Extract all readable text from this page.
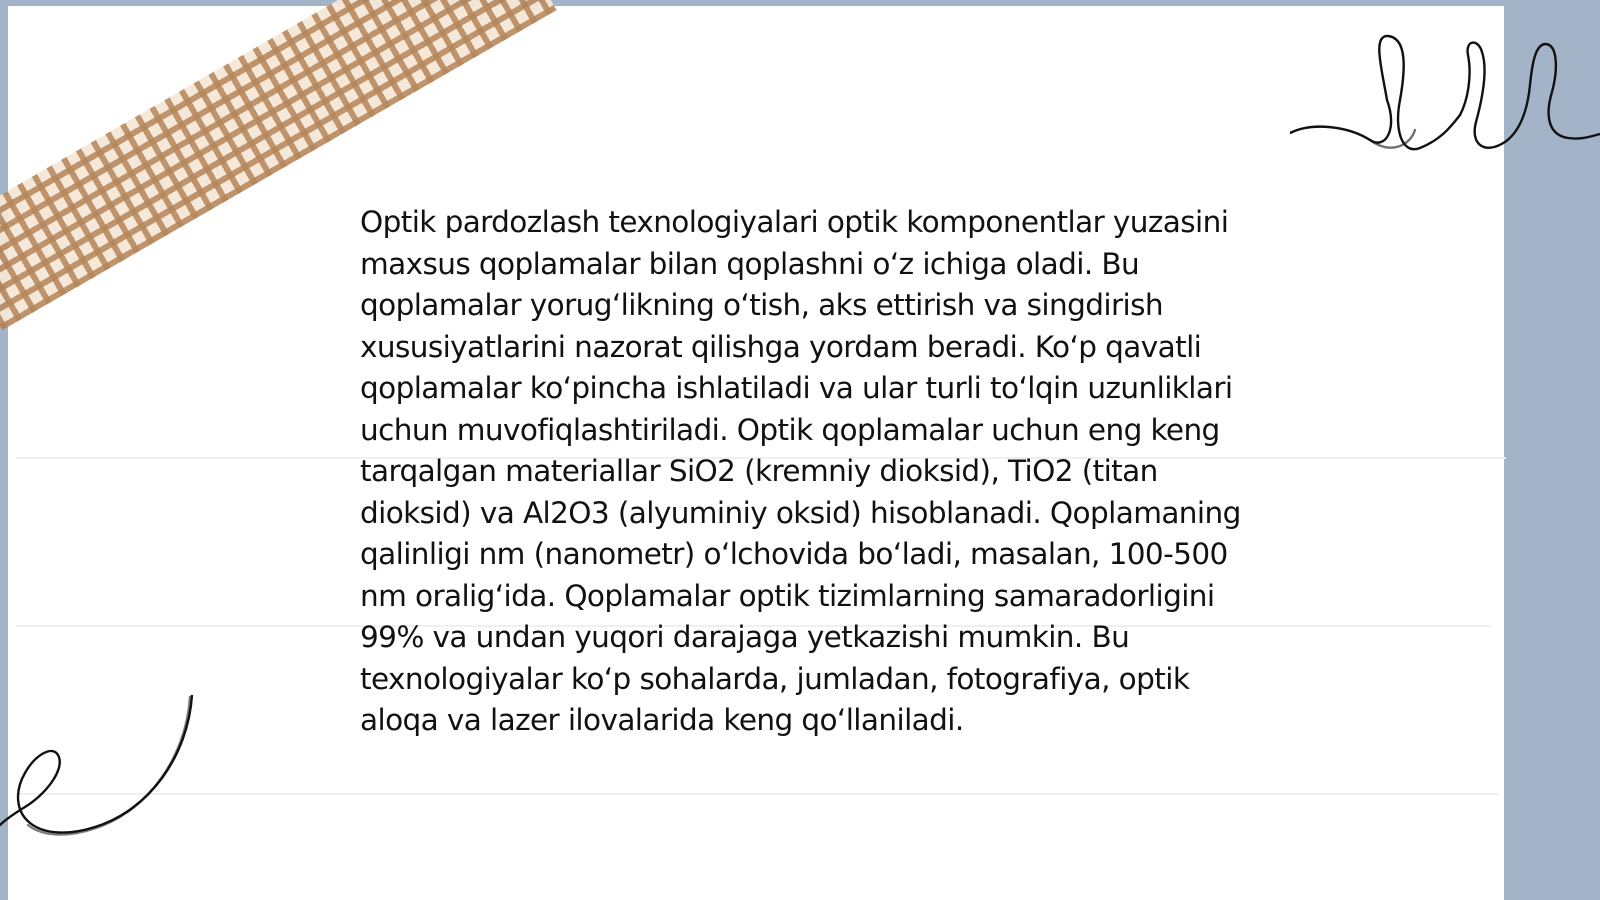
Optik pardozlash texnologiyalari optik komponentlar yuzasini maxsus qoplamalar bilan qoplashni oʻz ichiga oladi. Bu qoplamalar yorugʻlikning oʻtish, aks ettirish va singdirish xususiyatlarini nazorat qilishga yordam beradi. Koʻp qavatli qoplamalar koʻpincha ishlatiladi va ular turli toʻlqin uzunliklari uchun muvofiqlashtiriladi. Optik qoplamalar uchun eng keng tarqalgan materiallar SiO2 (kremniy dioksid), TiO2 (titan dioksid) va Al2O3 (alyuminiy oksid) hisoblanadi. Qoplamaning qalinligi nm (nanometr) oʻlchovida boʻladi, masalan, 100-500 nm oraligʻida. Qoplamalar optik tizimlarning samaradorligini 99% va undan yuqori darajaga yetkazishi mumkin. Bu texnologiyalar koʻp sohalarda, jumladan, fotografiya, optik aloqa va lazer ilovalarida keng qoʻllaniladi.
